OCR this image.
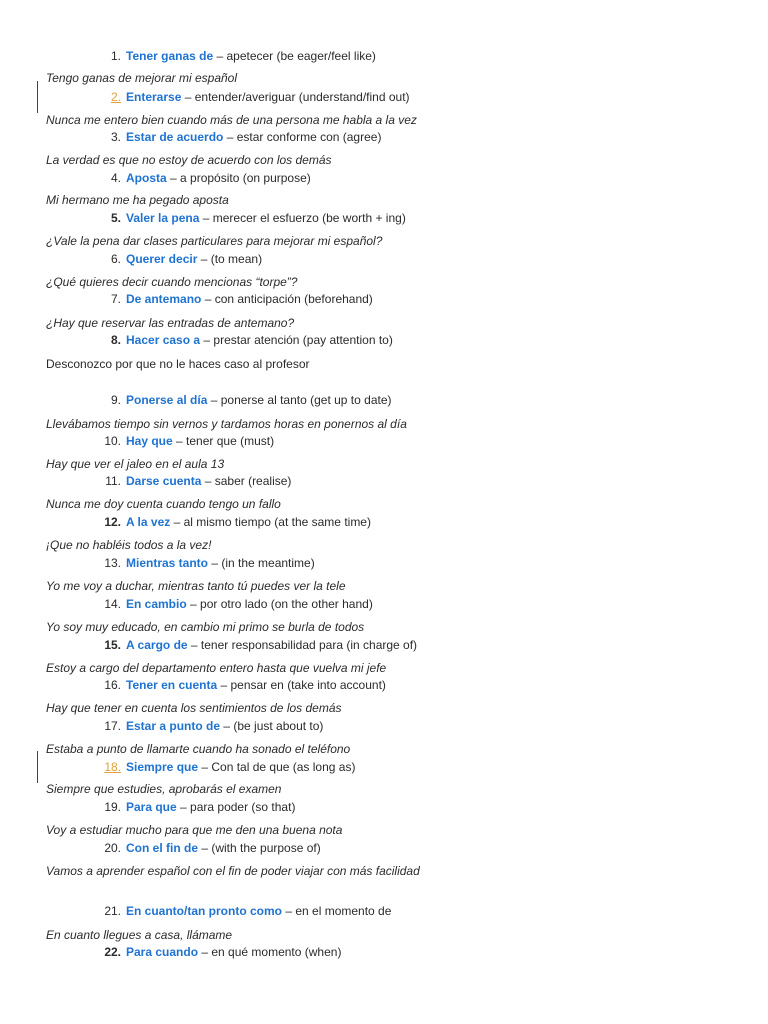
1. Tener ganas de – apetecer (be eager/feel like)
Tengo ganas de mejorar mi español
2. Enterarse – entender/averiguar (understand/find out)
Nunca me entero bien cuando más de una persona me habla a la vez
3. Estar de acuerdo – estar conforme con (agree)
La verdad es que no estoy de acuerdo con los demás
4. Aposta – a propósito (on purpose)
Mi hermano me ha pegado aposta
5. Valer la pena – merecer el esfuerzo (be worth + ing)
¿Vale la pena dar clases particulares para mejorar mi español?
6. Querer decir – (to mean)
¿Qué quieres decir cuando mencionas “torpe”?
7. De antemano – con anticipación (beforehand)
¿Hay que reservar las entradas de antemano?
8. Hacer caso a – prestar atención (pay attention to)
Desconozco por que no le haces caso al profesor
9. Ponerse al día – ponerse al tanto (get up to date)
Llevábamos tiempo sin vernos y tardamos horas en ponernos al día
10. Hay que – tener que (must)
Hay que ver el jaleo en el aula 13
11. Darse cuenta – saber (realise)
Nunca me doy cuenta cuando tengo un fallo
12. A la vez – al mismo tiempo (at the same time)
¡Que no habléis todos a la vez!
13. Mientras tanto – (in the meantime)
Yo me voy a duchar, mientras tanto tú puedes ver la tele
14. En cambio – por otro lado (on the other hand)
Yo soy muy educado, en cambio mi primo se burla de todos
15. A cargo de – tener responsabilidad para (in charge of)
Estoy a cargo del departamento entero hasta que vuelva mi jefe
16. Tener en cuenta – pensar en (take into account)
Hay que tener en cuenta los sentimientos de los demás
17. Estar a punto de – (be just about to)
Estaba a punto de llamarte cuando ha sonado el teléfono
18. Siempre que – Con tal de que (as long as)
Siempre que estudies, aprobarás el examen
19. Para que – para poder (so that)
Voy a estudiar mucho para que me den una buena nota
20. Con el fin de – (with the purpose of)
Vamos a aprender español con el fin de poder viajar con más facilidad
21. En cuanto/tan pronto como – en el momento de
En cuanto llegues a casa, llámame
22. Para cuando – en qué momento (when)
